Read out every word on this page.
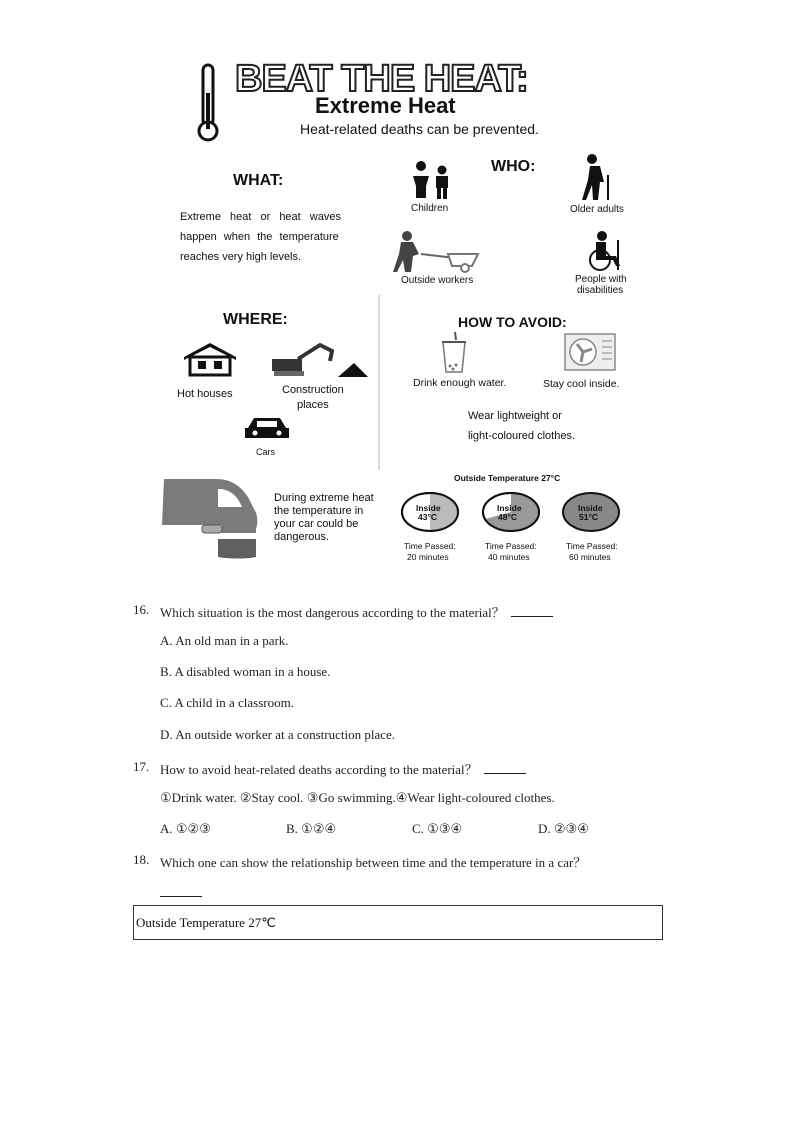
BEAT THE HEAT:
Extreme Heat
Heat-related deaths can be prevented.
WHAT:
Extreme heat or heat waves
happen when the temperature
reaches very high levels.
WHO:
Children	Older adults
Outside workers	People with
disabilities
WHERE:
Hot houses	Construction
places
Cars
HOW TO AVOID:
Drink enough water.	Stay cool inside.
Wear lightweight or
light-coloured clothes.
During extreme heat
the temperature in
your car could be
dangerous.
Outside Temperature 27°C
Inside
43°C
Time Passed:
20 minutes
Inside
48°C
Time Passed:
40 minutes
Inside
51°C
Time Passed:
60 minutes
16. Which situation is the most dangerous according to the material？
A. An old man in a park.
B. A disabled woman in a house.
C. A child in a classroom.
D. An outside worker at a construction place.
17. How to avoid heat-related deaths according to the material？
①Drink water. ②Stay cool. ③Go swimming.④Wear light-coloured clothes.
A. ①②③	B. ①②④	C. ①③④	D. ②③④
18. Which one can show the relationship between time and the temperature in a car？
Outside Temperature 27℃
